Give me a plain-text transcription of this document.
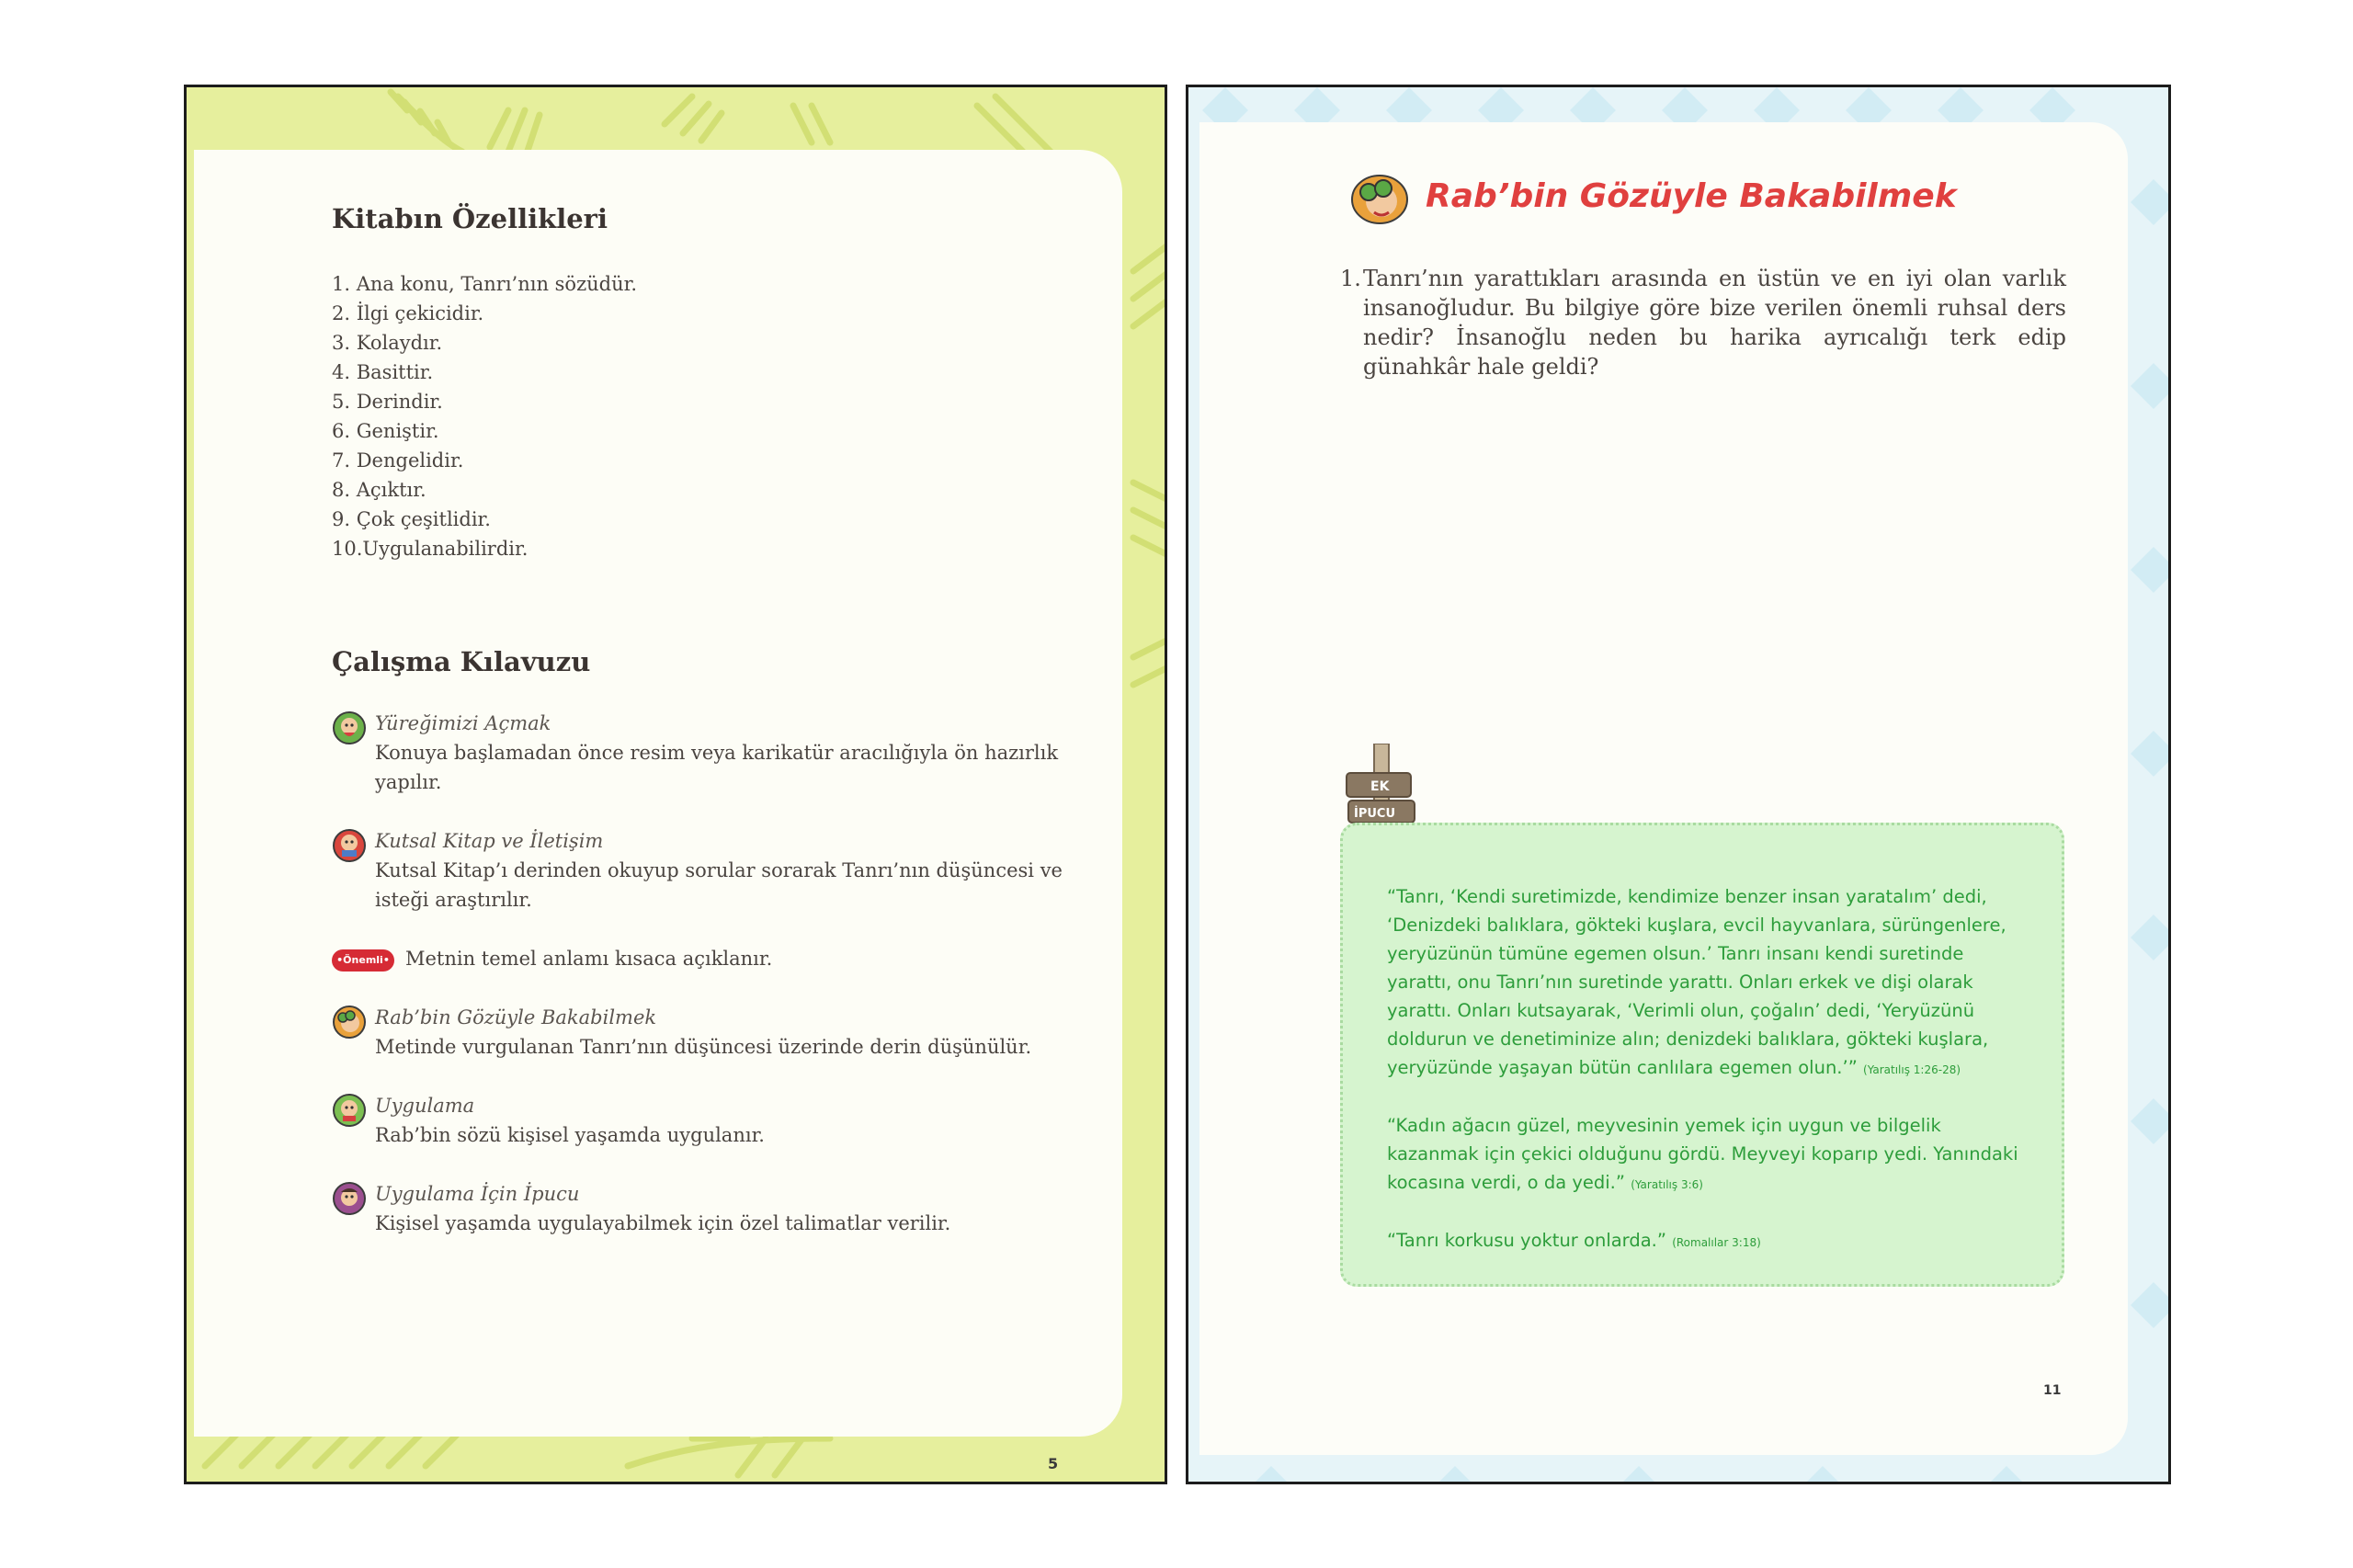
Kitabın Özellikleri
1. Ana konu, Tanrı’nın sözüdür.
2. İlgi çekicidir.
3. Kolaydır.
4. Basittir.
5. Derindir.
6. Geniştir.
7. Dengelidir.
8. Açıktır.
9. Çok çeşitlidir.
10.Uygulanabilirdir.
Çalışma Kılavuzu
Yüreğimizi Açmak
Konuya başlamadan önce resim veya karikatür aracılığıyla ön hazırlık yapılır.
Kutsal Kitap ve İletişim
Kutsal Kitap’ı derinden okuyup sorular sorarak Tanrı’nın düşüncesi ve isteği araştırılır.
•Önemli• Metnin temel anlamı kısaca açıklanır.
Rab’bin Gözüyle Bakabilmek
Metinde vurgulanan Tanrı’nın düşüncesi üzerinde derin düşünülür.
Uygulama
Rab’bin sözü kişisel yaşamda uygulanır.
Uygulama İçin İpucu
Kişisel yaşamda uygulayabilmek için özel talimatlar verilir.
5
Rab’bin Gözüyle Bakabilmek
1. Tanrı’nın yarattıkları arasında en üstün ve en iyi olan varlık insanoğludur. Bu bilgiye göre bize verilen önemli ruhsal ders nedir? İnsanoğlu neden bu harika ayrıcalığı terk edip günahkâr hale geldi?
EK
İPUCU

“Tanrı, ‘Kendi suretimizde, kendimize benzer insan yaratalım’ dedi, ‘Denizdeki balıklara, gökteki kuşlara, evcil hayvanlara, sürüngenlere, yeryüzünün tümüne egemen olsun.’ Tanrı insanı kendi suretinde yarattı, onu Tanrı’nın suretinde yarattı. Onları erkek ve dişi olarak yarattı. Onları kutsayarak, ‘Verimli olun, çoğalın’ dedi, ‘Yeryüzünü doldurun ve denetiminize alın; denizdeki balıklara, gökteki kuşlara, yeryüzünde yaşayan bütün canlılara egemen olun.’” (Yaratılış 1:26-28)

“Kadın ağacın güzel, meyvesinin yemek için uygun ve bilgelik kazanmak için çekici olduğunu gördü. Meyveyi koparıp yedi. Yanındaki kocasına verdi, o da yedi.” (Yaratılış 3:6)

“Tanrı korkusu yoktur onlarda.” (Romalılar 3:18)

11
